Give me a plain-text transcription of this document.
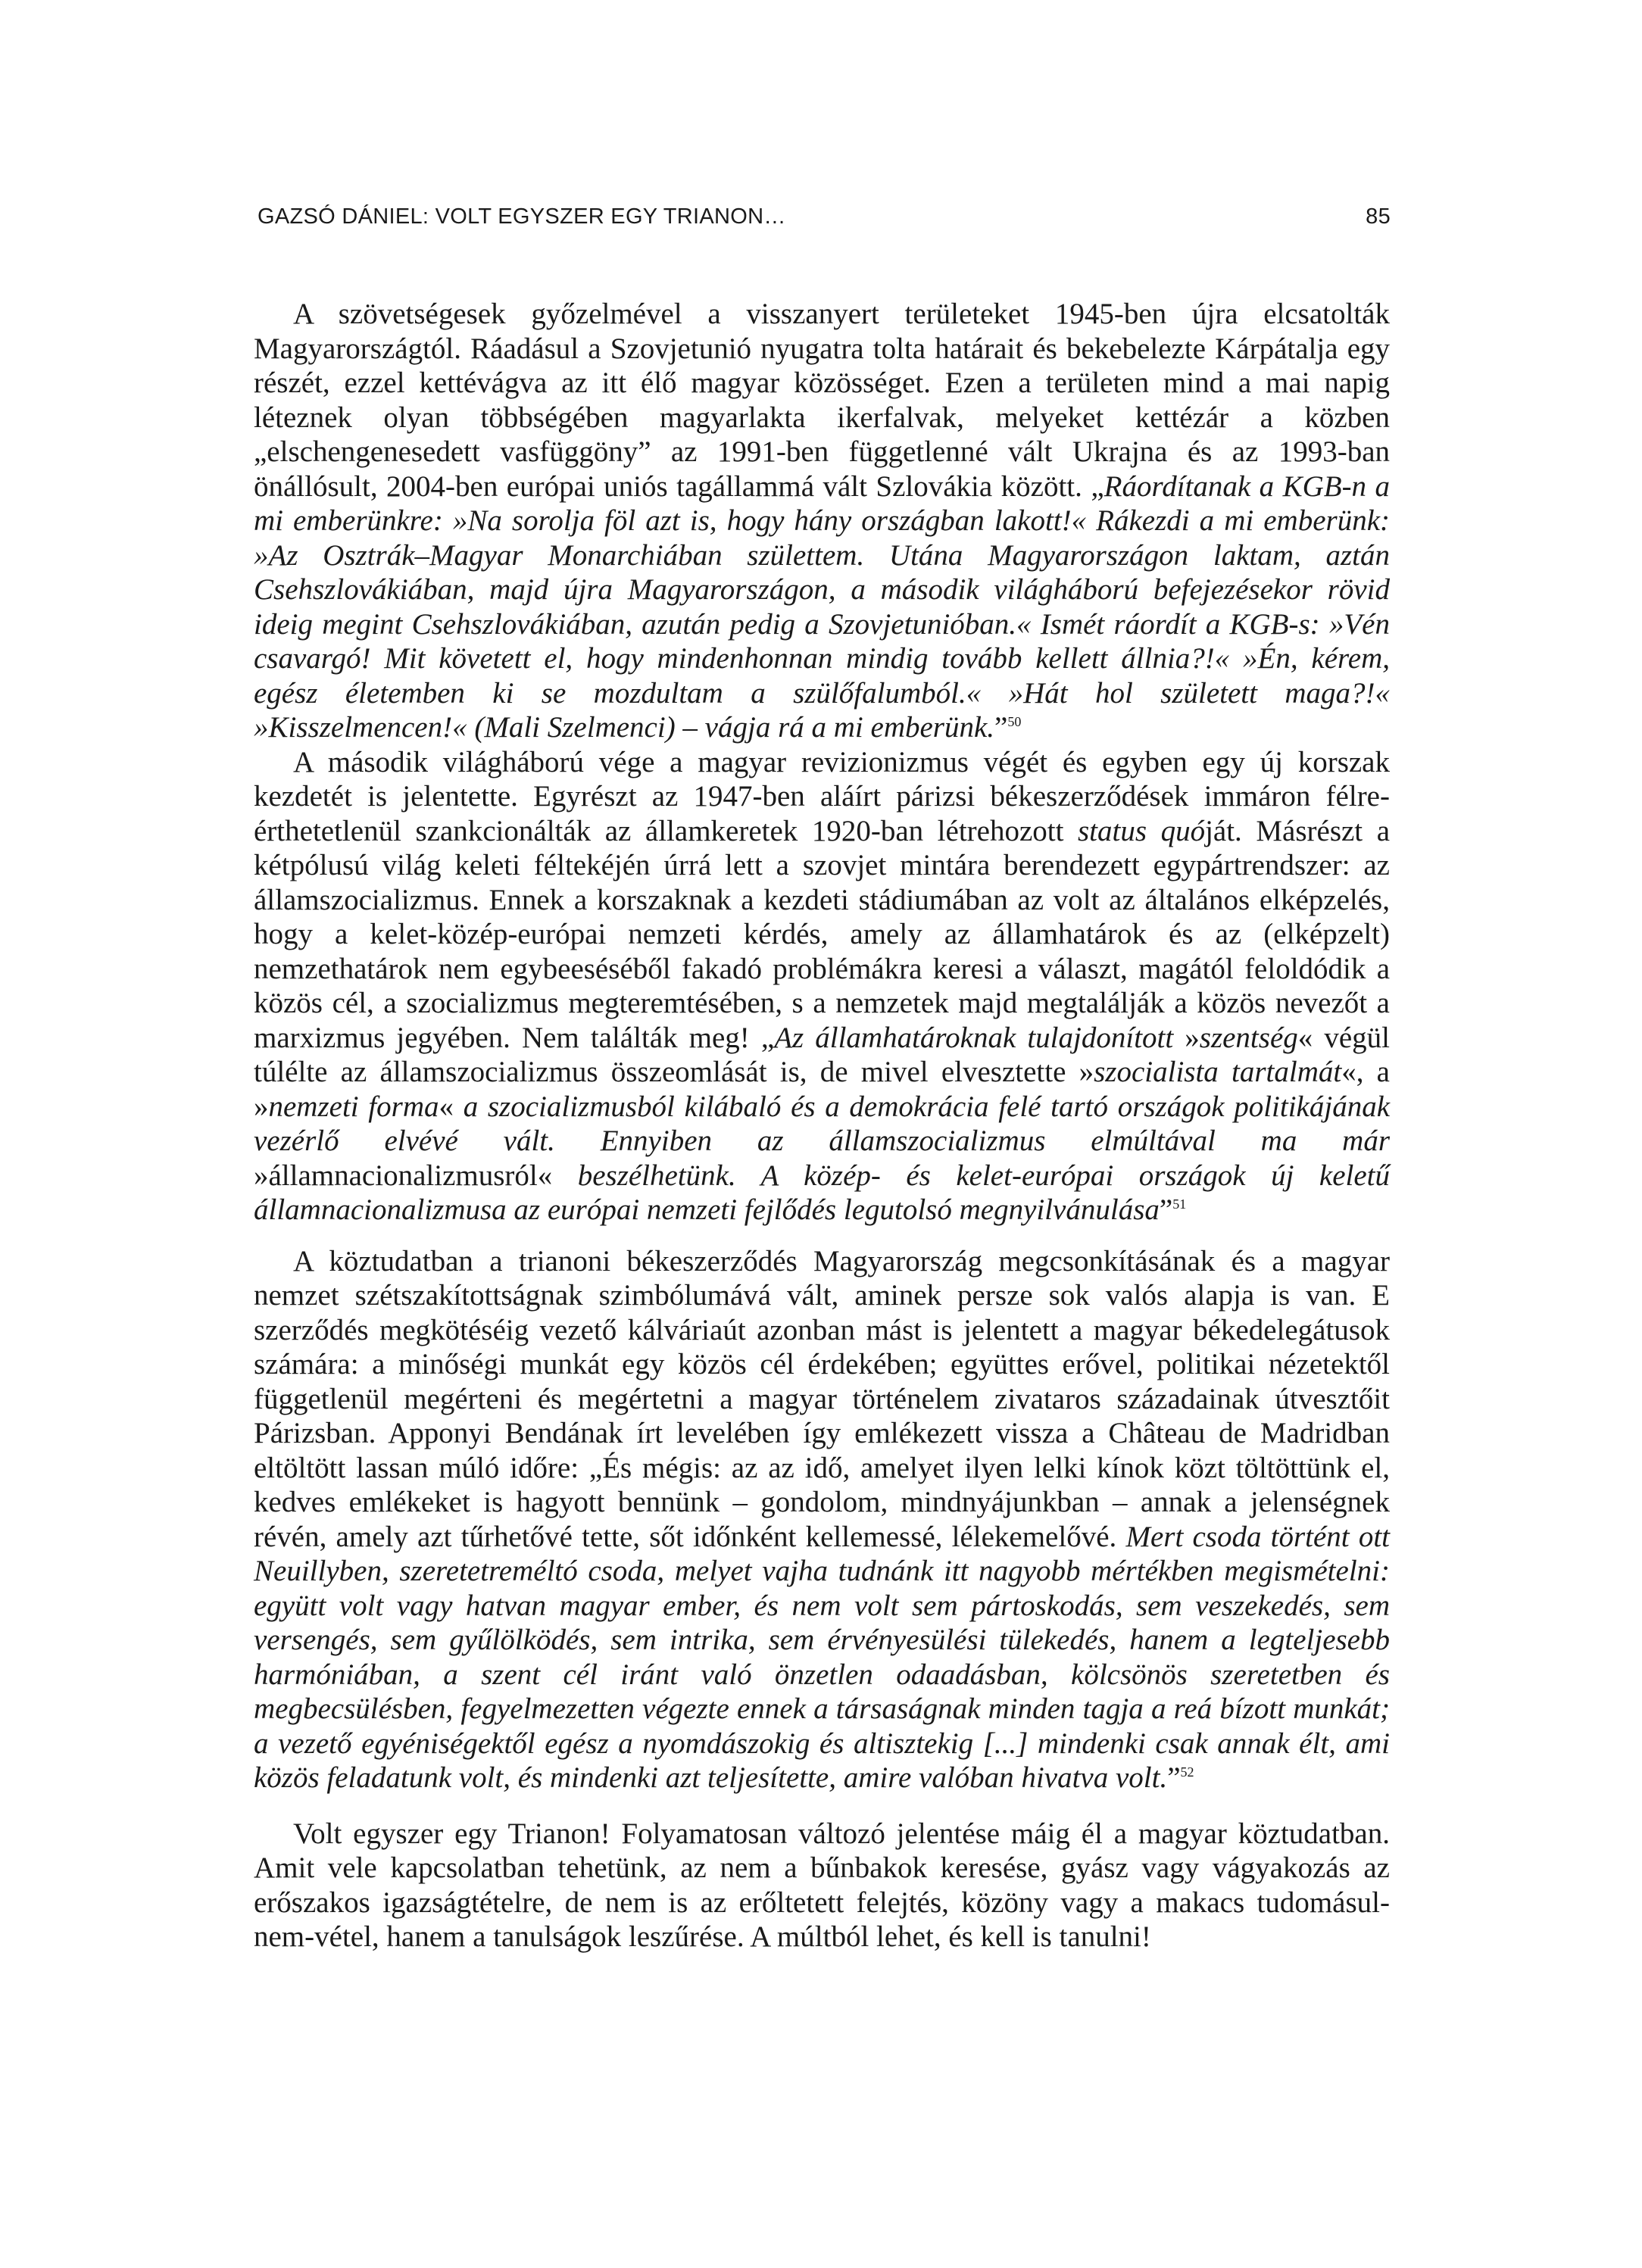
GAZSÓ DÁNIEL: VOLT EGYSZER EGY TRIANON…	85

A szövetségesek győzelmével a visszanyert területeket 1945-ben újra elcsatolták Magyarországtól. Ráadásul a Szovjetunió nyugatra tolta határait és bekebelezte Kárpátalja egy részét, ezzel kettévágva az itt élő magyar közösséget. Ezen a területen mind a mai napig léteznek olyan többségében magyarlakta ikerfalvak, melyeket kettézár a közben „elschengenesedett vasfüggöny” az 1991-ben függetlenné vált Ukrajna és az 1993-ban önállósult, 2004-ben európai uniós tagállammá vált Szlovákia között. „Ráordítanak a KGB-n a mi emberünkre: »Na sorolja föl azt is, hogy hány országban lakott!« Rákezdi a mi emberünk: »Az Osztrák–Magyar Monarchiában születtem. Utána Magyarországon laktam, aztán Csehszlovákiában, majd újra Magyarországon, a második világháború befejezésekor rövid ideig megint Csehszlovákiában, azután pedig a Szovjetunióban.« Ismét ráordít a KGB-s: »Vén csavargó! Mit követett el, hogy mindenhonnan mindig tovább kellett állnia?!« »Én, kérem, egész életemben ki se mozdultam a szülőfalumból.« »Hát hol született maga?!« »Kisszelmencen!« (Mali Szelmenci) – vágja rá a mi emberünk.”$^{50}$

A második világháború vége a magyar revizionizmus végét és egyben egy új korszak kezdetét is jelentette. Egyrészt az 1947-ben aláírt párizsi békeszerződések immáron félreérthetetlenül szankcionálták az államkeretek 1920-ban létrehozott status quóját. Másrészt a kétpólusú világ keleti féltekéjén úrrá lett a szovjet mintára berendezett egypártrendszer: az államszocializmus. Ennek a korszaknak a kezdeti stádiumában az volt az általános elképzelés, hogy a kelet-közép-európai nemzeti kérdés, amely az államhatárok és az (elképzelt) nemzethatárok nem egybeeséséből fakadó problémákra keresi a választ, magától feloldódik a közös cél, a szocializmus megteremtésében, s a nemzetek majd megtalálják a közös nevezőt a marxizmus jegyében. Nem találták meg! „Az államhatároknak tulajdonított »szentség« végül túlélte az államszocializmus összeomlását is, de mivel elvesztette »szocialista tartalmát«, a »nemzeti forma« a szocializmusból kilábaló és a demokrácia felé tartó országok politikájának vezérlő elvévé vált. Ennyiben az államszocializmus elmúltával ma már »államnacionalizmusról« beszélhetünk. A közép- és kelet-európai országok új keletű államnacionalizmusa az európai nemzeti fejlődés legutolsó megnyilvánulása”$^{51}$

A köztudatban a trianoni békeszerződés Magyarország megcsonkításának és a magyar nemzet szétszakítottságnak szimbólumává vált, aminek persze sok valós alapja is van. E szerződés megkötéséig vezető kálváriaút azonban mást is jelentett a magyar békedelegátusok számára: a minőségi munkát egy közös cél érdekében; együttes erővel, politikai nézetektől függetlenül megérteni és megértetni a magyar történelem zivataros századainak útvesztőit Párizsban. Apponyi Bendának írt levelében így emlékezett vissza a Château de Madridban eltöltött lassan múló időre: „És mégis: az az idő, amelyet ilyen lelki kínok közt töltöttünk el, kedves emlékeket is hagyott bennünk – gondolom, mindnyájunkban – annak a jelenségnek révén, amely azt tűrhetővé tette, sőt időnként kellemessé, lélekemelővé. Mert csoda történt ott Neuillyben, szeretetreméltó csoda, melyet vajha tudnánk itt nagyobb mértékben megismételni: együtt volt vagy hatvan magyar ember, és nem volt sem pártoskodás, sem veszekedés, sem versengés, sem gyűlölködés, sem intrika, sem érvényesülési tülekedés, hanem a legteljesebb harmóniában, a szent cél iránt való önzetlen odaadásban, kölcsönös szeretetben és megbecsülésben, fegyelmezetten végezte ennek a társaságnak minden tagja a reá bízott munkát; a vezető egyéniségektől egész a nyomdászokig és altisztekig [...] mindenki csak annak élt, ami közös feladatunk volt, és mindenki azt teljesítette, amire valóban hivatva volt.”$^{52}$

Volt egyszer egy Trianon! Folyamatosan változó jelentése máig él a magyar köztudatban. Amit vele kapcsolatban tehetünk, az nem a bűnbakok keresése, gyász vagy vágyakozás az erőszakos igazságtételre, de nem is az erőltetett felejtés, közöny vagy a makacs tudomásul-nem-vétel, hanem a tanulságok leszűrése. A múltból lehet, és kell is tanulni!
